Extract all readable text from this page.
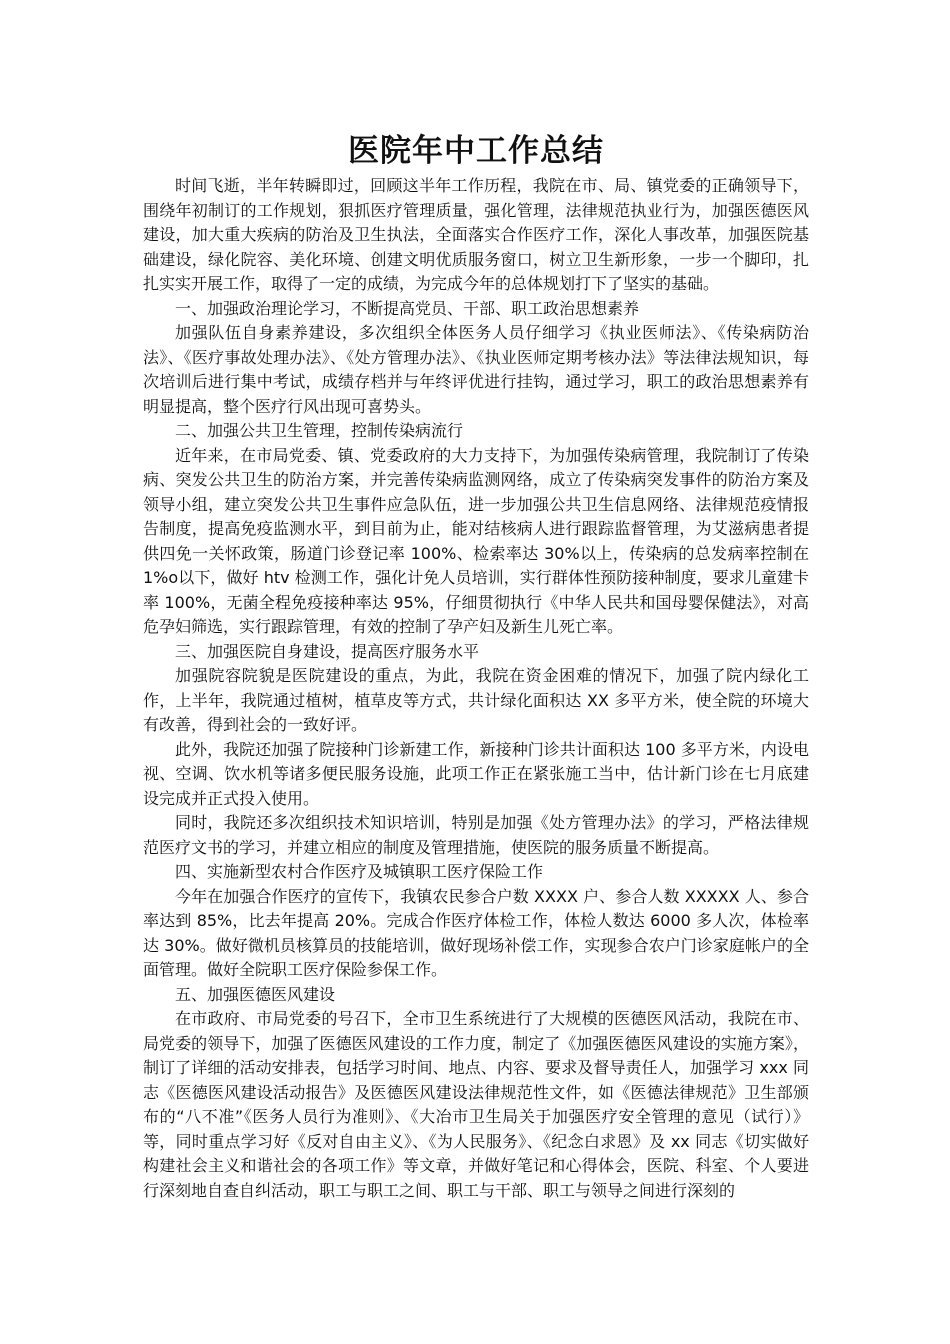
医院年中工作总结

时间飞逝，半年转瞬即过，回顾这半年工作历程，我院在市、局、镇党委的正确领导下，围绕年初制订的工作规划，狠抓医疗管理质量，强化管理，法律规范执业行为，加强医德医风建设，加大重大疾病的防治及卫生执法，全面落实合作医疗工作，深化人事改革，加强医院基础建设，绿化院容、美化环境、创建文明优质服务窗口，树立卫生新形象，一步一个脚印，扎扎实实开展工作，取得了一定的成绩，为完成今年的总体规划打下了坚实的基础。

一、加强政治理论学习，不断提高党员、干部、职工政治思想素养

加强队伍自身素养建设，多次组织全体医务人员仔细学习《执业医师法》、《传染病防治法》、《医疗事故处理办法》、《处方管理办法》、《执业医师定期考核办法》等法律法规知识，每次培训后进行集中考试，成绩存档并与年终评优进行挂钩，通过学习，职工的政治思想素养有明显提高，整个医疗行风出现可喜势头。

二、加强公共卫生管理，控制传染病流行

近年来，在市局党委、镇、党委政府的大力支持下，为加强传染病管理，我院制订了传染病、突发公共卫生的防治方案，并完善传染病监测网络，成立了传染病突发事件的防治方案及领导小组，建立突发公共卫生事件应急队伍，进一步加强公共卫生信息网络、法律规范疫情报告制度，提高免疫监测水平，到目前为止，能对结核病人进行跟踪监督管理，为艾滋病患者提供四免一关怀政策，肠道门诊登记率 100%、检索率达 30%以上，传染病的总发病率控制在 1%o以下，做好 htv 检测工作，强化计免人员培训，实行群体性预防接种制度，要求儿童建卡率 100%，无菌全程免疫接种率达 95%，仔细贯彻执行《中华人民共和国母婴保健法》，对高危孕妇筛选，实行跟踪管理，有效的控制了孕产妇及新生儿死亡率。

三、加强医院自身建设，提高医疗服务水平

加强院容院貌是医院建设的重点，为此，我院在资金困难的情况下，加强了院内绿化工作，上半年，我院通过植树，植草皮等方式，共计绿化面积达 XX 多平方米，使全院的环境大有改善，得到社会的一致好评。

此外，我院还加强了院接种门诊新建工作，新接种门诊共计面积达 100 多平方米，内设电视、空调、饮水机等诸多便民服务设施，此项工作正在紧张施工当中，估计新门诊在七月底建设完成并正式投入使用。

同时，我院还多次组织技术知识培训，特别是加强《处方管理办法》的学习，严格法律规范医疗文书的学习，并建立相应的制度及管理措施，使医院的服务质量不断提高。

四、实施新型农村合作医疗及城镇职工医疗保险工作

今年在加强合作医疗的宣传下，我镇农民参合户数 XXXX 户、参合人数 XXXXX 人、参合率达到 85%，比去年提高 20%。完成合作医疗体检工作，体检人数达 6000 多人次，体检率达 30%。做好微机员核算员的技能培训，做好现场补偿工作，实现参合农户门诊家庭帐户的全面管理。做好全院职工医疗保险参保工作。

五、加强医德医风建设

在市政府、市局党委的号召下，全市卫生系统进行了大规模的医德医风活动，我院在市、局党委的领导下，加强了医德医风建设的工作力度，制定了《加强医德医风建设的实施方案》，制订了详细的活动安排表，包括学习时间、地点、内容、要求及督导责任人，加强学习 xxx 同志《医德医风建设活动报告》及医德医风建设法律规范性文件，如《医德法律规范》卫生部颁布的“八不准”《医务人员行为准则》、《大冶市卫生局关于加强医疗安全管理的意见（试行）》等，同时重点学习好《反对自由主义》、《为人民服务》、《纪念白求恩》及 xx 同志《切实做好构建社会主义和谐社会的各项工作》等文章，并做好笔记和心得体会，医院、科室、个人要进行深刻地自查自纠活动，职工与职工之间、职工与干部、职工与领导之间进行深刻的
